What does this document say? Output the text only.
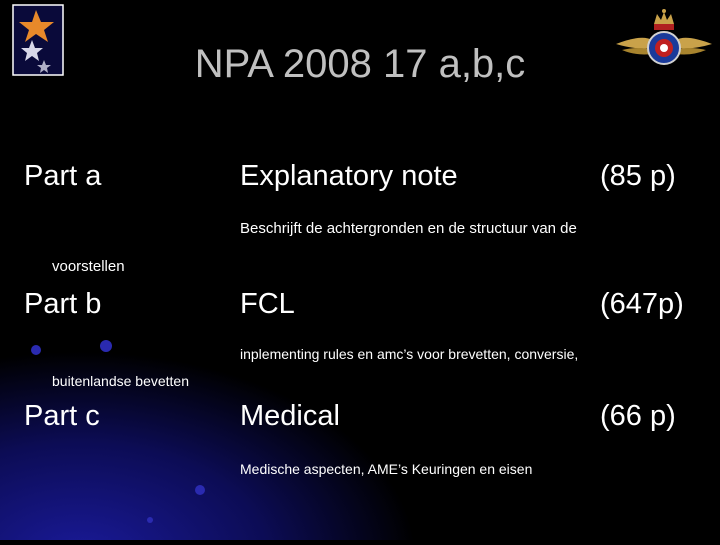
NPA 2008 17 a,b,c
Part a	Explanatory note	(85 p)
Beschrijft de achtergronden en de structuur van de
voorstellen
Part b	FCL	(647p)
inplementing rules en amc’s voor brevetten, conversie,
buitenlandse bevetten
Part c	Medical	(66 p)
Medische aspecten, AME’s Keuringen en eisen
